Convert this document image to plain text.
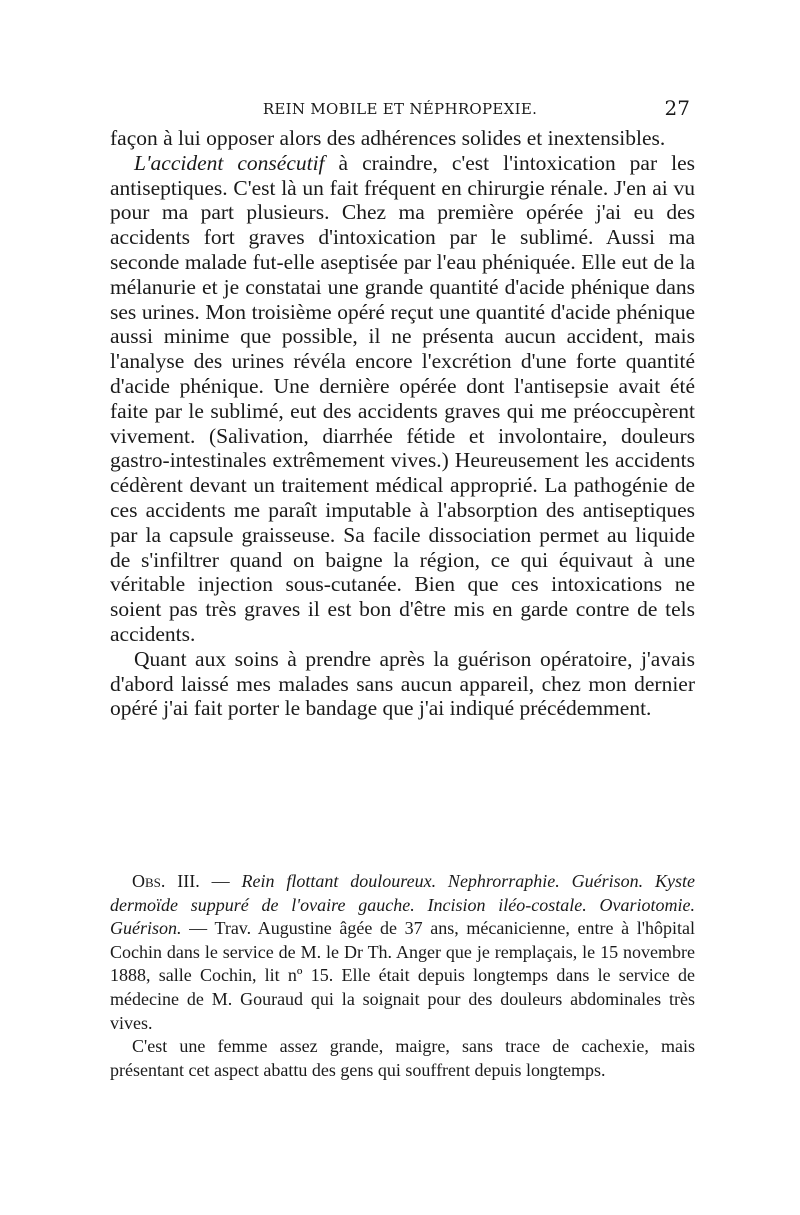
REIN MOBILE ET NÉPHROPEXIE.	27

façon à lui opposer alors des adhérences solides et inextensibles.

L'accident consécutif à craindre, c'est l'intoxication par les antiseptiques. C'est là un fait fréquent en chirurgie rénale. J'en ai vu pour ma part plusieurs. Chez ma première opérée j'ai eu des accidents fort graves d'intoxication par le sublimé. Aussi ma seconde malade fut-elle aseptisée par l'eau phéniquée. Elle eut de la mélanurie et je constatai une grande quantité d'acide phénique dans ses urines. Mon troisième opéré reçut une quantité d'acide phénique aussi minime que possible, il ne présenta aucun accident, mais l'analyse des urines révéla encore l'excrétion d'une forte quantité d'acide phénique. Une dernière opérée dont l'antisepsie avait été faite par le sublimé, eut des accidents graves qui me préoccupèrent vivement. (Salivation, diarrhée fétide et involontaire, douleurs gastro-intestinales extrêmement vives.) Heureusement les accidents cédèrent devant un traitement médical approprié. La pathogénie de ces accidents me paraît imputable à l'absorption des antiseptiques par la capsule graisseuse. Sa facile dissociation permet au liquide de s'infiltrer quand on baigne la région, ce qui équivaut à une véritable injection sous-cutanée. Bien que ces intoxications ne soient pas très graves il est bon d'être mis en garde contre de tels accidents.

Quant aux soins à prendre après la guérison opératoire, j'avais d'abord laissé mes malades sans aucun appareil, chez mon dernier opéré j'ai fait porter le bandage que j'ai indiqué précédemment.

Obs. III. — Rein flottant douloureux. Nephrorraphie. Guérison. Kyste dermoïde suppuré de l'ovaire gauche. Incision iléo-costale. Ovariotomie. Guérison. — Trav. Augustine âgée de 37 ans, mécanicienne, entre à l'hôpital Cochin dans le service de M. le Dr Th. Anger que je remplaçais, le 15 novembre 1888, salle Cochin, lit nº 15. Elle était depuis longtemps dans le service de médecine de M. Gouraud qui la soignait pour des douleurs abdominales très vives.

C'est une femme assez grande, maigre, sans trace de cachexie, mais présentant cet aspect abattu des gens qui souffrent depuis longtemps.
